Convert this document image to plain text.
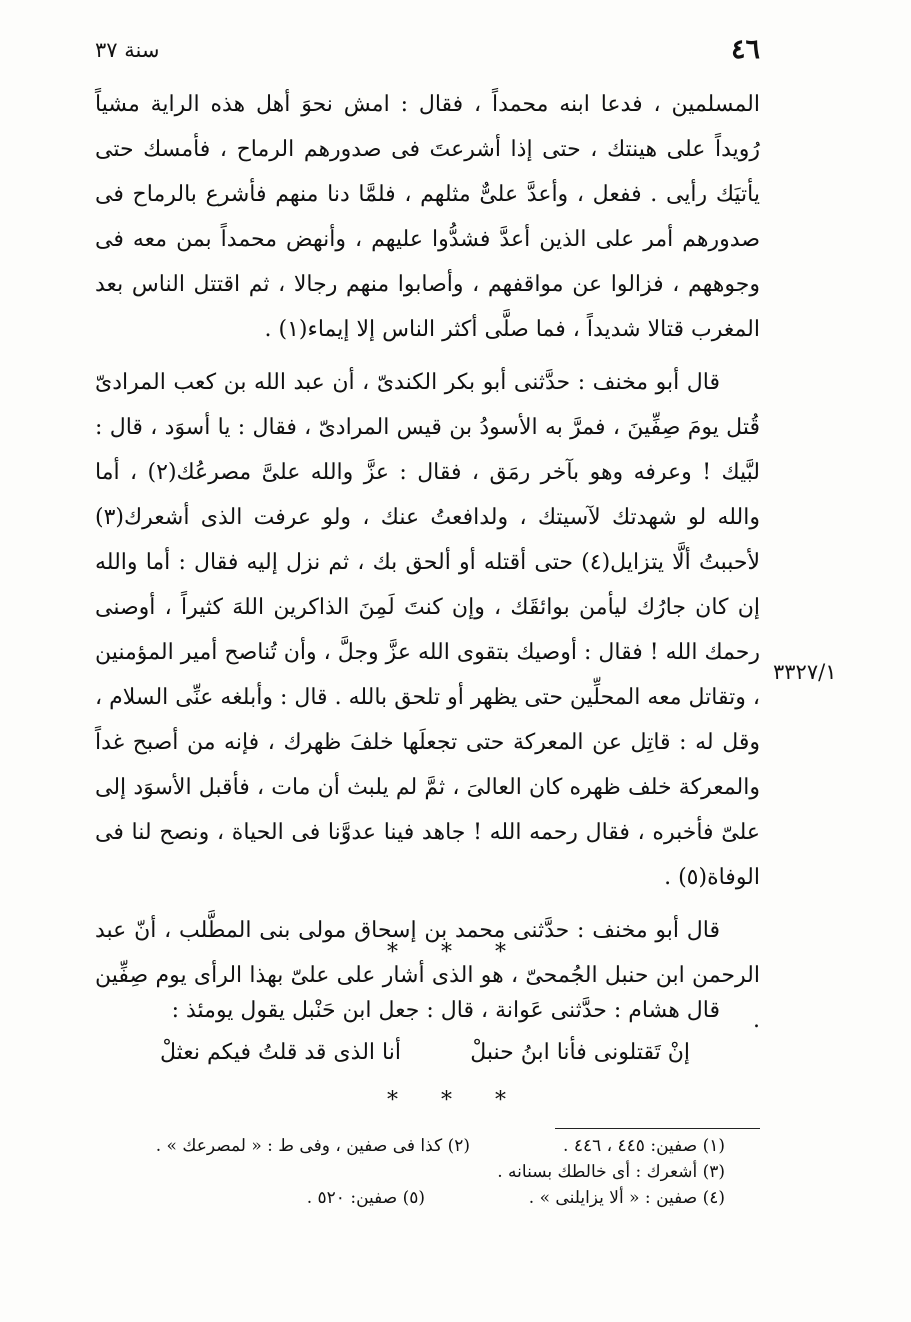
٤٦
سنة ٣٧

المسلمين ، فدعا ابنه محمداً ، فقال : امش نحوَ أهل هذه الراية مشياً رُويداً على هينتك ، حتى إذا أشرعتَ فى صدورهم الرماح ، فأمسك حتى يأتيَك رأيى . ففعل ، وأعدَّ علىٌّ مثلهم ، فلمَّا دنا منهم فأشرع بالرماح فى صدورهم أمر على الذين أعدَّ فشدُّوا عليهم ، وأنهض محمداً بمن معه فى وجوههم ، فزالوا عن مواقفهم ، وأصابوا منهم رجالا ، ثم اقتتل الناس بعد المغرب قتالا شديداً ، فما صلَّى أكثر الناس إلا إيماء(١) .

قال أبو مخنف : حدَّثنى أبو بكر الكندىّ ، أن عبد الله بن كعب المرادىّ قُتل يومَ صِفِّينَ ، فمرَّ به الأسودُ بن قيس المرادىّ ، فقال : يا أسوَد ، قال : لبَّيك ! وعرفه وهو بآخر رمَق ، فقال : عزَّ والله علىَّ مصرعُك(٢) ، أما والله لو شهدتك لآسيتك ، ولدافعتُ عنك ، ولو عرفت الذى أشعرك(٣) لأحببتُ ألَّا يتزايل(٤) حتى أقتله أو ألحق بك ، ثم نزل إليه فقال : أما والله إن كان جارُك ليأمن بوائقَك ، وإن كنتَ لَمِنَ الذاكرين اللهَ كثيراً ، أوصنى رحمك الله ! فقال : أوصيك بتقوى الله عزَّ وجلَّ ، وأن تُناصح أمير المؤمنين ، وتقاتل معه المحلِّين حتى يظهر أو تلحق بالله . قال : وأبلغه عنِّى السلام ، وقل له : قاتِل عن المعركة حتى تجعلَها خلفَ ظهرك ، فإنه من أصبح غداً والمعركة خلف ظهره كان العالىَ ، ثمَّ لم يلبث أن مات ، فأقبل الأسوَد إلى علىّ فأخبره ، فقال رحمه الله ! جاهد فينا عدوَّنا فى الحياة ، ونصح لنا فى الوفاة(٥) .

قال أبو مخنف : حدَّثنى محمد بن إسحاق مولى بنى المطَّلب ، أنّ عبد الرحمن ابن حنبل الجُمحىّ ، هو الذى أشار على علىّ بهذا الرأى يوم صِفِّين .

٣٣٢٧/١
* * *

قال هشام : حدَّثنى عَوانة ، قال : جعل ابن حَنْبل يقول يومئذ :

إنْ تَقتلونى فأنا ابنُ حنبلْ
أنا الذى قد قلتُ فيكم نعثلْ
* * *
(١) صفين: ٤٤٥ ، ٤٤٦ .
(٢) كذا فى صفين ، وفى ط : « لمصرعك » .
(٣) أشعرك : أى خالطك بسنانه .
(٤) صفين : « ألا يزايلنى » .
(٥) صفين: ٥٢٠ .
